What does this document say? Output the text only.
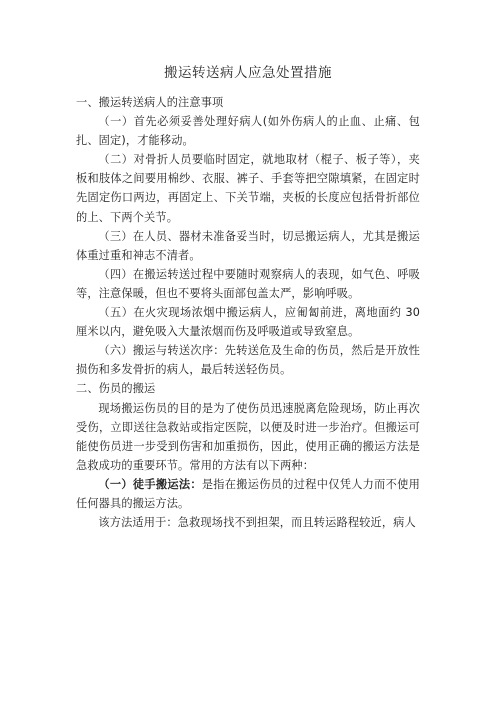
搬运转送病人应急处置措施

一、搬运转送病人的注意事项

（一）首先必须妥善处理好病人(如外伤病人的止血、止痛、包扎、固定)，才能移动。

（二）对骨折人员要临时固定，就地取材（棍子、板子等），夹板和肢体之间要用棉纱、衣服、裤子、手套等把空隙填紧，在固定时先固定伤口两边，再固定上、下关节端，夹板的长度应包括骨折部位的上、下两个关节。

（三）在人员、器材未准备妥当时，切忌搬运病人，尤其是搬运体重过重和神志不清者。

（四）在搬运转送过程中要随时观察病人的表现，如气色、呼吸等，注意保暖，但也不要将头面部包盖太严，影响呼吸。

（五）在火灾现场浓烟中搬运病人，应匍匐前进，离地面约 30 厘米以内，避免吸入大量浓烟而伤及呼吸道或导致窒息。

（六）搬运与转送次序：先转送危及生命的伤员，然后是开放性损伤和多发骨折的病人，最后转送轻伤员。

二、伤员的搬运

现场搬运伤员的目的是为了使伤员迅速脱离危险现场，防止再次受伤，立即送往急救站或指定医院，以便及时进一步治疗。但搬运可能使伤员进一步受到伤害和加重损伤，因此，使用正确的搬运方法是急救成功的重要环节。常用的方法有以下两种：

（一）徒手搬运法：是指在搬运伤员的过程中仅凭人力而不使用任何器具的搬运方法。

该方法适用于：急救现场找不到担架，而且转运路程较近，病人
